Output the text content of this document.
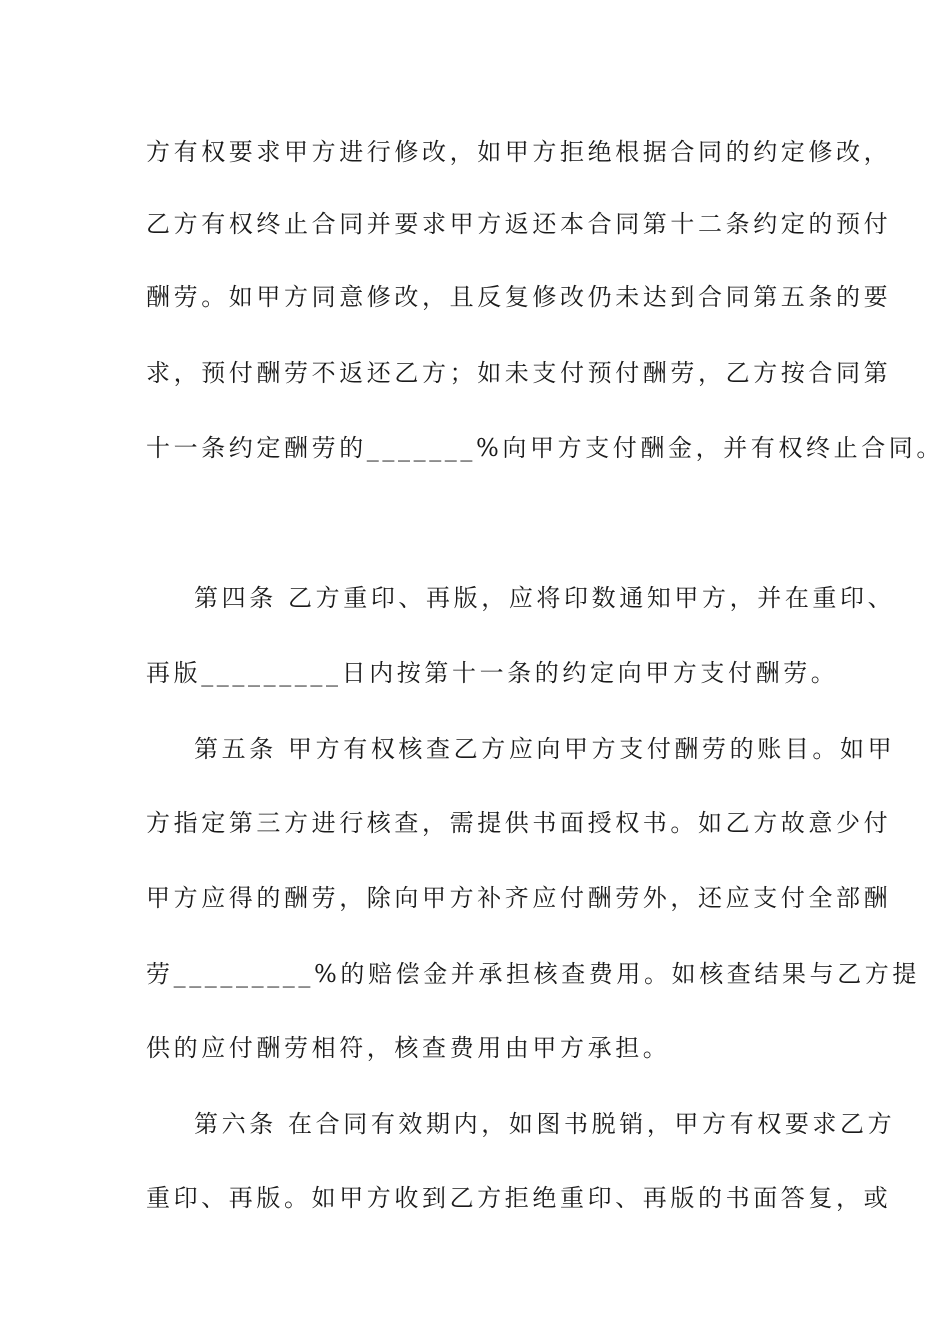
方有权要求甲方进行修改，如甲方拒绝根据合同的约定修改，
乙方有权终止合同并要求甲方返还本合同第十二条约定的预付
酬劳。如甲方同意修改，且反复修改仍未达到合同第五条的要
求，预付酬劳不返还乙方；如未支付预付酬劳，乙方按合同第
十一条约定酬劳的_______%向甲方支付酬金，并有权终止合同。
第四条 乙方重印、再版，应将印数通知甲方，并在重印、
再版_________日内按第十一条的约定向甲方支付酬劳。
第五条 甲方有权核查乙方应向甲方支付酬劳的账目。如甲
方指定第三方进行核查，需提供书面授权书。如乙方故意少付
甲方应得的酬劳，除向甲方补齐应付酬劳外，还应支付全部酬
劳_________%的赔偿金并承担核查费用。如核查结果与乙方提
供的应付酬劳相符，核查费用由甲方承担。
第六条 在合同有效期内，如图书脱销，甲方有权要求乙方
重印、再版。如甲方收到乙方拒绝重印、再版的书面答复，或
